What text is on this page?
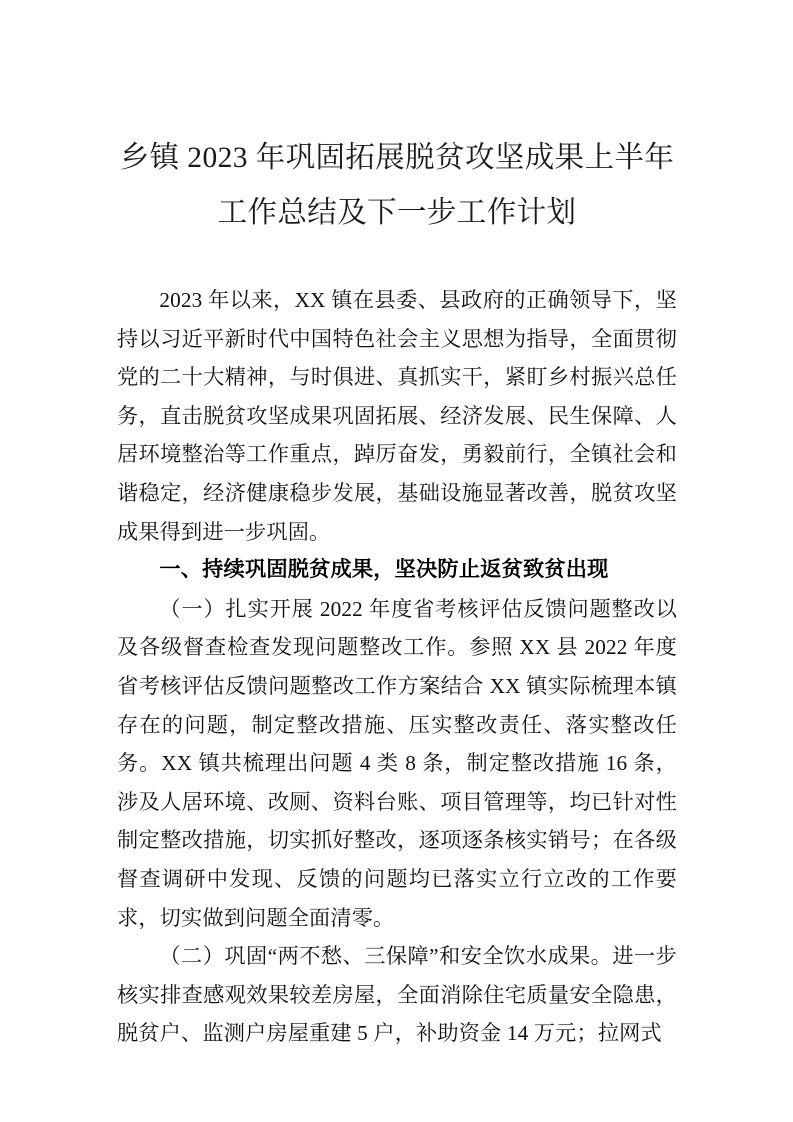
乡镇 2023 年巩固拓展脱贫攻坚成果上半年
工作总结及下一步工作计划

2023 年以来，XX 镇在县委、县政府的正确领导下，坚持以习近平新时代中国特色社会主义思想为指导，全面贯彻党的二十大精神，与时俱进、真抓实干，紧盯乡村振兴总任务，直击脱贫攻坚成果巩固拓展、经济发展、民生保障、人居环境整治等工作重点，踔厉奋发，勇毅前行，全镇社会和谐稳定，经济健康稳步发展，基础设施显著改善，脱贫攻坚成果得到进一步巩固。

一、持续巩固脱贫成果，坚决防止返贫致贫出现

（一）扎实开展 2022 年度省考核评估反馈问题整改以及各级督查检查发现问题整改工作。参照 XX 县 2022 年度省考核评估反馈问题整改工作方案结合 XX 镇实际梳理本镇存在的问题，制定整改措施、压实整改责任、落实整改任务。XX 镇共梳理出问题 4 类 8 条，制定整改措施 16 条，涉及人居环境、改厕、资料台账、项目管理等，均已针对性制定整改措施，切实抓好整改，逐项逐条核实销号；在各级督查调研中发现、反馈的问题均已落实立行立改的工作要求，切实做到问题全面清零。

（二）巩固“两不愁、三保障”和安全饮水成果。进一步核实排查感观效果较差房屋，全面消除住宅质量安全隐患，脱贫户、监测户房屋重建 5 户，补助资金 14 万元；拉网式
